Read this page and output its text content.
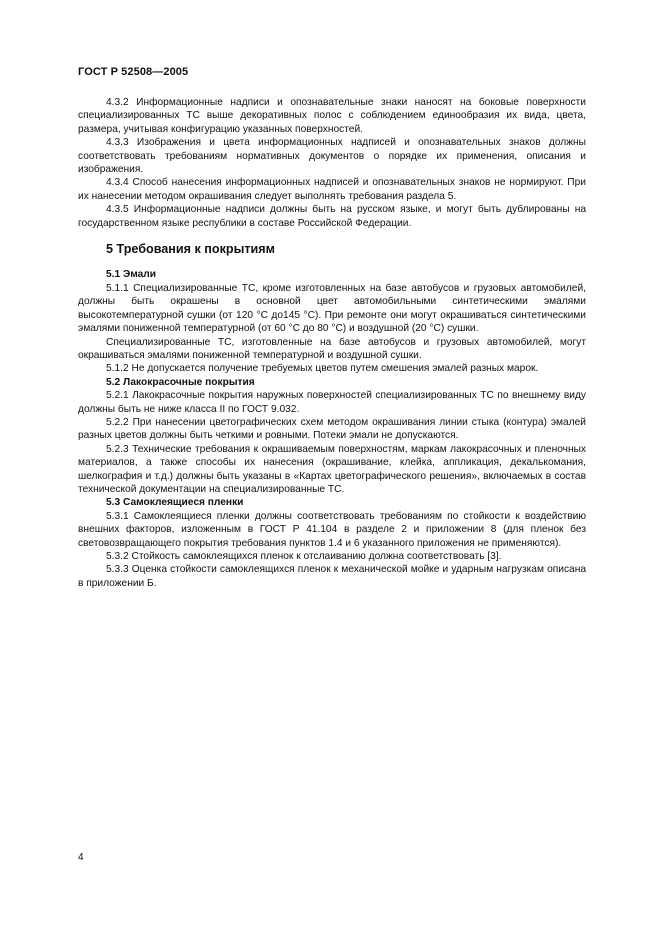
ГОСТ Р 52508—2005

4.3.2 Информационные надписи и опознавательные знаки наносят на боковые поверхности специализированных ТС выше декоративных полос с соблюдением единообразия их вида, цвета, размера, учитывая конфигурацию указанных поверхностей.

4.3.3 Изображения и цвета информационных надписей и опознавательных знаков должны соответствовать требованиям нормативных документов о порядке их применения, описания и изображения.

4.3.4 Способ нанесения информационных надписей и опознавательных знаков не нормируют. При их нанесении методом окрашивания следует выполнять требования раздела 5.

4.3.5 Информационные надписи должны быть на русском языке, и могут быть дублированы на государственном языке республики в составе Российской Федерации.

5 Требования к покрытиям

5.1 Эмали

5.1.1 Специализированные ТС, кроме изготовленных на базе автобусов и грузовых автомобилей, должны быть окрашены в основной цвет автомобильными синтетическими эмалями высокотемпературной сушки (от 120 °С до145 °С). При ремонте они могут окрашиваться синтетическими эмалями пониженной температурной (от 60 °С до 80 °С) и воздушной (20 °С) сушки.

Специализированные ТС, изготовленные на базе автобусов и грузовых автомобилей, могут окрашиваться эмалями пониженной температурной и воздушной сушки.

5.1.2 Не допускается получение требуемых цветов путем смешения эмалей разных марок.

5.2 Лакокрасочные покрытия

5.2.1 Лакокрасочные покрытия наружных поверхностей специализированных ТС по внешнему виду должны быть не ниже класса II по ГОСТ 9.032.

5.2.2 При нанесении цветографических схем методом окрашивания линии стыка (контура) эмалей разных цветов должны быть четкими и ровными. Потеки эмали не допускаются.

5.2.3 Технические требования к окрашиваемым поверхностям, маркам лакокрасочных и пленочных материалов, а также способы их нанесения (окрашивание, клейка, аппликация, декалькомания, шелкография и т.д.) должны быть указаны в «Картах цветографического решения», включаемых в состав технической документации на специализированные ТС.

5.3 Самоклеящиеся пленки

5.3.1 Самоклеящиеся пленки должны соответствовать требованиям по стойкости к воздействию внешних факторов, изложенным в ГОСТ Р 41.104 в разделе 2 и приложении 8 (для пленок без световозвращающего покрытия требования пунктов 1.4 и 6 указанного приложения не применяются).

5.3.2 Стойкость самоклеящихся пленок к отслаиванию должна соответствовать [3].

5.3.3 Оценка стойкости самоклеящихся пленок к механической мойке и ударным нагрузкам описана в приложении Б.

4
